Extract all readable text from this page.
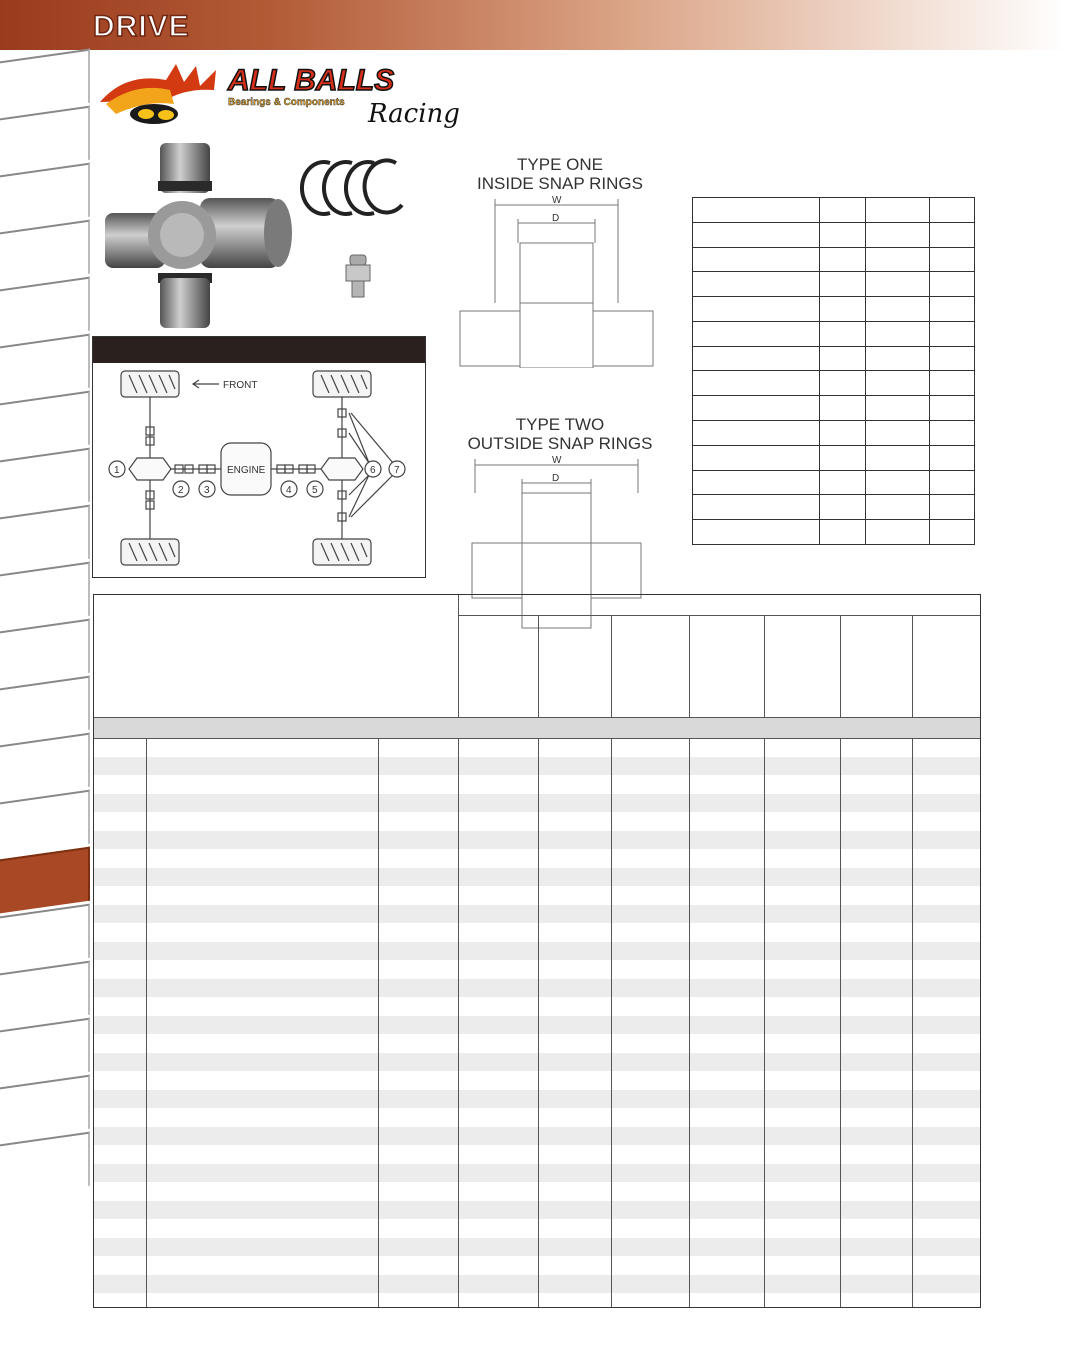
DRIVE
ALL BALLS
Bearings & Components Racing
FRONT
ENGINE
1
2 3	4 5
6 7
TYPE ONE
INSIDE SNAP RINGS
W
D
TYPE TWO
OUTSIDE SNAP RINGS
W
D
